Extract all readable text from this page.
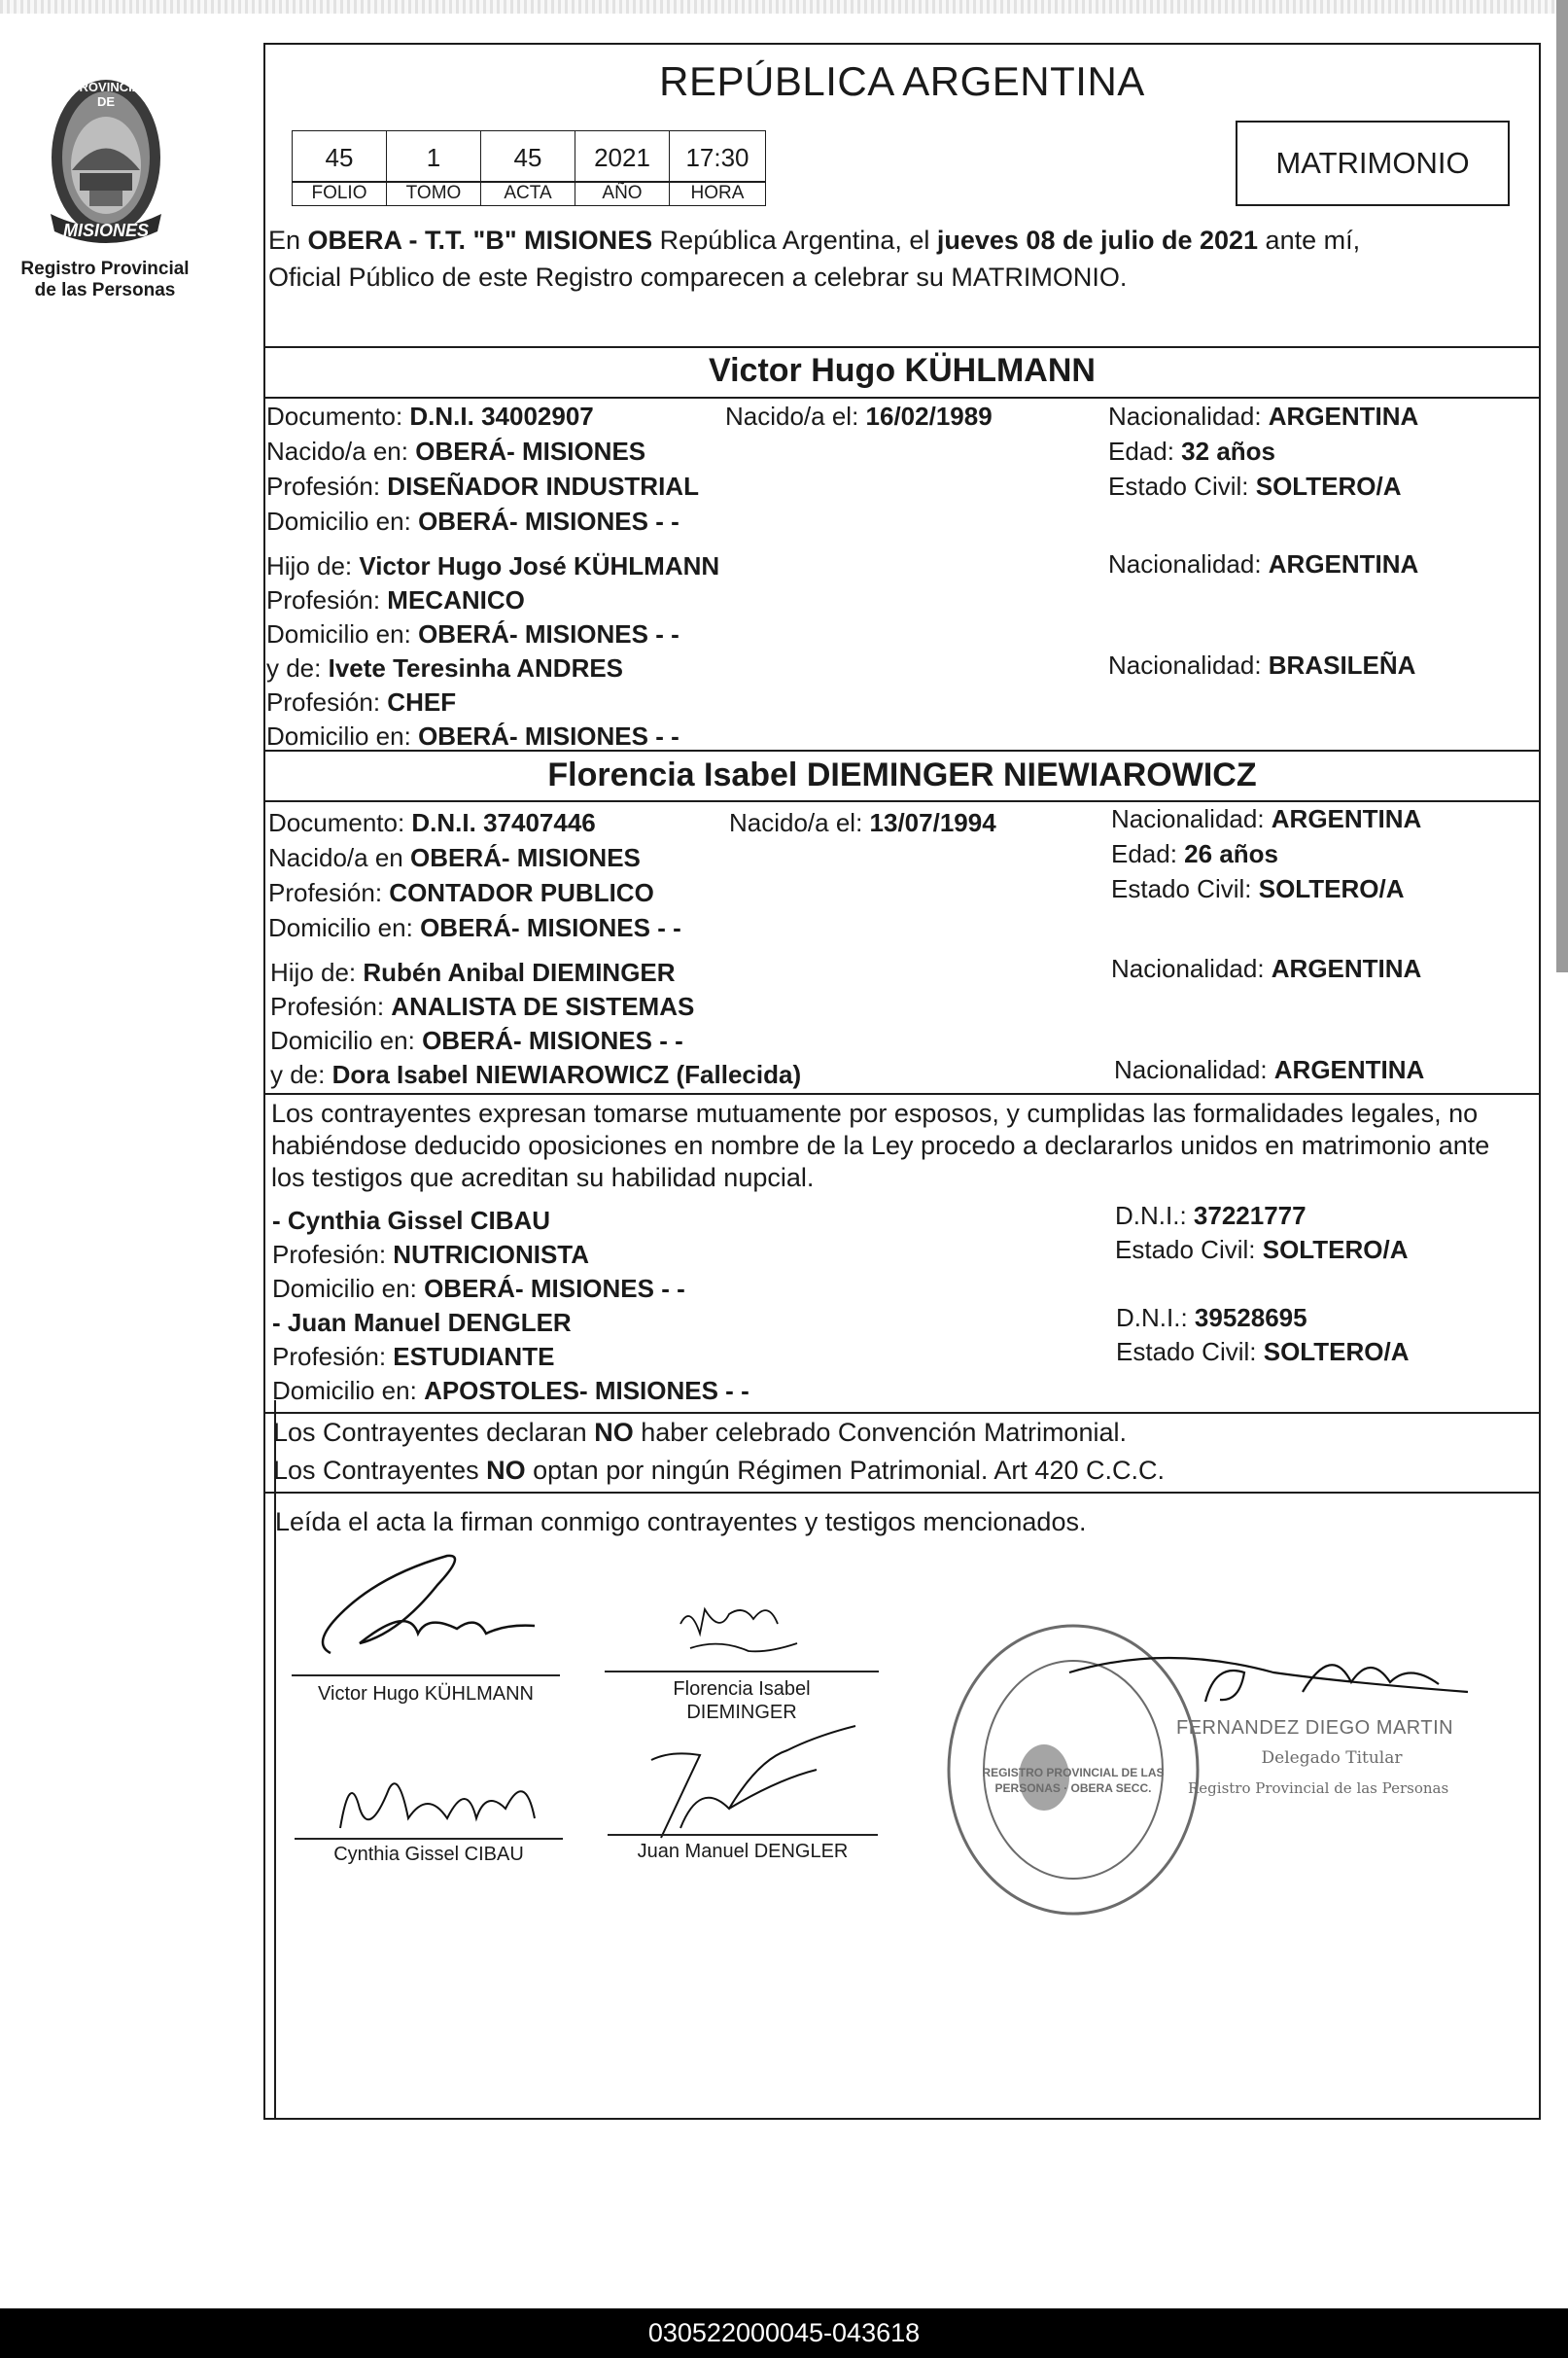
PROVINCIA DE
MISIONES
Registro Provincial
de las Personas
REPÚBLICA ARGENTINA
45	1	45	2021	17:30
FOLIO	TOMO	ACTA	AÑO	HORA
MATRIMONIO
En OBERA - T.T. "B" MISIONES República Argentina, el jueves 08 de julio de 2021 ante mí,
Oficial Público de este Registro comparecen a celebrar su MATRIMONIO.
Victor Hugo KÜHLMANN
Documento: D.N.I. 34002907	Nacido/a el: 16/02/1989	Nacionalidad: ARGENTINA
Nacido/a en: OBERÁ- MISIONES	Edad: 32 años
Profesión: DISEÑADOR INDUSTRIAL	Estado Civil: SOLTERO/A
Domicilio en: OBERÁ- MISIONES - -
Hijo de: Victor Hugo José KÜHLMANN	Nacionalidad: ARGENTINA
Profesión: MECANICO
Domicilio en: OBERÁ- MISIONES - -
y de: Ivete Teresinha ANDRES	Nacionalidad: BRASILEÑA
Profesión: CHEF
Domicilio en: OBERÁ- MISIONES - -
Florencia Isabel DIEMINGER NIEWIAROWICZ
Documento: D.N.I. 37407446	Nacido/a el: 13/07/1994	Nacionalidad: ARGENTINA
Nacido/a en OBERÁ- MISIONES	Edad: 26 años
Profesión: CONTADOR PUBLICO	Estado Civil: SOLTERO/A
Domicilio en: OBERÁ- MISIONES - -
Hijo de: Rubén Anibal DIEMINGER	Nacionalidad: ARGENTINA
Profesión: ANALISTA DE SISTEMAS
Domicilio en: OBERÁ- MISIONES - -
y de: Dora Isabel NIEWIAROWICZ (Fallecida)	Nacionalidad: ARGENTINA
Los contrayentes expresan tomarse mutuamente por esposos, y cumplidas las formalidades legales, no
habiéndose deducido oposiciones en nombre de la Ley procedo a declararlos unidos en matrimonio ante
los testigos que acreditan su habilidad nupcial.
- Cynthia Gissel CIBAU	D.N.I.: 37221777
Profesión: NUTRICIONISTA	Estado Civil: SOLTERO/A
Domicilio en: OBERÁ- MISIONES - -
- Juan Manuel DENGLER	D.N.I.: 39528695
Profesión: ESTUDIANTE	Estado Civil: SOLTERO/A
Domicilio en: APOSTOLES- MISIONES - -
Los Contrayentes declaran NO haber celebrado Convención Matrimonial.
Los Contrayentes NO optan por ningún Régimen Patrimonial. Art 420 C.C.C.
Leída el acta la firman conmigo contrayentes y testigos mencionados.
Victor Hugo KÜHLMANN	Florencia Isabel
DIEMINGER
Cynthia Gissel CIBAU	Juan Manuel DENGLER
REGISTRO PROVINCIAL DE LAS PERSONAS · OBERA SECC.
FERNANDEZ DIEGO MARTIN
Delegado Titular
Registro Provincial de las Personas
030522000045-043618
